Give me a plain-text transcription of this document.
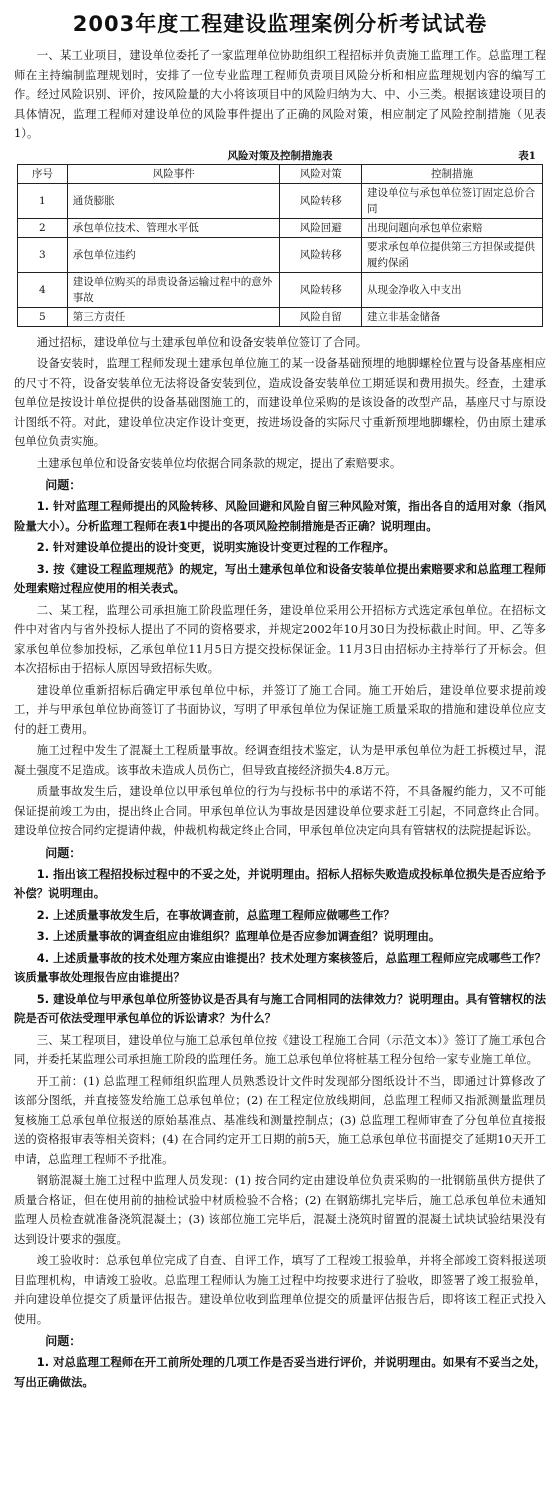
2003年度工程建设监理案例分析考试试卷

一、某工业项目，建设单位委托了一家监理单位协助组织工程招标并负责施工监理工作。总监理工程师在主持编制监理规划时，安排了一位专业监理工程师负责项目风险分析和相应监理规划内容的编写工作。经过风险识别、评价，按风险量的大小将该项目中的风险归纳为大、中、小三类。根据该建设项目的具体情况，监理工程师对建设单位的风险事件提出了正确的风险对策，相应制定了风险控制措施（见表1）。

风险对策及控制措施表	表1
序号	风险事件	风险对策	控制措施
1	通货膨胀	风险转移	建设单位与承包单位签订固定总价合同
2	承包单位技术、管理水平低	风险回避	出现问题向承包单位索赔
3	承包单位违约	风险转移	要求承包单位提供第三方担保或提供履约保函
4	建设单位购买的昂贵设备运输过程中的意外事故	风险转移	从现金净收入中支出
5	第三方责任	风险自留	建立非基金储备

通过招标，建设单位与土建承包单位和设备安装单位签订了合同。

设备安装时，监理工程师发现土建承包单位施工的某一设备基础预埋的地脚螺栓位置与设备基座相应的尺寸不符，设备安装单位无法将设备安装到位，造成设备安装单位工期延误和费用损失。经查，土建承包单位是按设计单位提供的设备基础图施工的，而建设单位采购的是该设备的改型产品，基座尺寸与原设计图纸不符。对此，建设单位决定作设计变更，按进场设备的实际尺寸重新预埋地脚螺栓，仍由原土建承包单位负责实施。

土建承包单位和设备安装单位均依据合同条款的规定，提出了索赔要求。

问题：

1. 针对监理工程师提出的风险转移、风险回避和风险自留三种风险对策，指出各自的适用对象（指风险量大小）。分析监理工程师在表1中提出的各项风险控制措施是否正确？说明理由。

2. 针对建设单位提出的设计变更，说明实施设计变更过程的工作程序。

3. 按《建设工程监理规范》的规定，写出土建承包单位和设备安装单位提出索赔要求和总监理工程师处理索赔过程应使用的相关表式。

二、某工程，监理公司承担施工阶段监理任务，建设单位采用公开招标方式选定承包单位。在招标文件中对省内与省外投标人提出了不同的资格要求，并规定2002年10月30日为投标截止时间。甲、乙等多家承包单位参加投标，乙承包单位11月5日方提交投标保证金。11月3日由招标办主持举行了开标会。但本次招标由于招标人原因导致招标失败。

建设单位重新招标后确定甲承包单位中标，并签订了施工合同。施工开始后，建设单位要求提前竣工，并与甲承包单位协商签订了书面协议，写明了甲承包单位为保证施工质量采取的措施和建设单位应支付的赶工费用。

施工过程中发生了混凝土工程质量事故。经调查组技术鉴定，认为是甲承包单位为赶工拆模过早，混凝土强度不足造成。该事故未造成人员伤亡，但导致直接经济损失4.8万元。

质量事故发生后，建设单位以甲承包单位的行为与投标书中的承诺不符，不具备履约能力，又不可能保证提前竣工为由，提出终止合同。甲承包单位认为事故是因建设单位要求赶工引起，不同意终止合同。建设单位按合同约定提请仲裁，仲裁机构裁定终止合同，甲承包单位决定向具有管辖权的法院提起诉讼。

问题：

1. 指出该工程招投标过程中的不妥之处，并说明理由。招标人招标失败造成投标单位损失是否应给予补偿？说明理由。

2. 上述质量事故发生后，在事故调查前，总监理工程师应做哪些工作？

3. 上述质量事故的调查组应由谁组织？监理单位是否应参加调查组？说明理由。

4. 上述质量事故的技术处理方案应由谁提出？技术处理方案核签后，总监理工程师应完成哪些工作？该质量事故处理报告应由谁提出？

5. 建设单位与甲承包单位所签协议是否具有与施工合同相同的法律效力？说明理由。具有管辖权的法院是否可依法受理甲承包单位的诉讼请求？为什么？

三、某工程项目，建设单位与施工总承包单位按《建设工程施工合同（示范文本）》签订了施工承包合同，并委托某监理公司承担施工阶段的监理任务。施工总承包单位将桩基工程分包给一家专业施工单位。

开工前：(1) 总监理工程师组织监理人员熟悉设计文件时发现部分图纸设计不当，即通过计算修改了该部分图纸，并直接签发给施工总承包单位；(2) 在工程定位放线期间，总监理工程师又指派测量监理员复核施工总承包单位报送的原始基准点、基准线和测量控制点；(3) 总监理工程师审查了分包单位直接报送的资格报审表等相关资料；(4) 在合同约定开工日期的前5天，施工总承包单位书面提交了延期10天开工申请，总监理工程师不予批准。

钢筋混凝土施工过程中监理人员发现：(1) 按合同约定由建设单位负责采购的一批钢筋虽供方提供了质量合格证，但在使用前的抽检试验中材质检验不合格；(2) 在钢筋绑扎完毕后，施工总承包单位未通知监理人员检查就准备浇筑混凝土；(3) 该部位施工完毕后，混凝土浇筑时留置的混凝土试块试验结果没有达到设计要求的强度。

竣工验收时：总承包单位完成了自查、自评工作，填写了工程竣工报验单，并将全部竣工资料报送项目监理机构，申请竣工验收。总监理工程师认为施工过程中均按要求进行了验收，即签署了竣工报验单，并向建设单位提交了质量评估报告。建设单位收到监理单位提交的质量评估报告后，即将该工程正式投入使用。

问题：

1. 对总监理工程师在开工前所处理的几项工作是否妥当进行评价，并说明理由。如果有不妥当之处，写出正确做法。
